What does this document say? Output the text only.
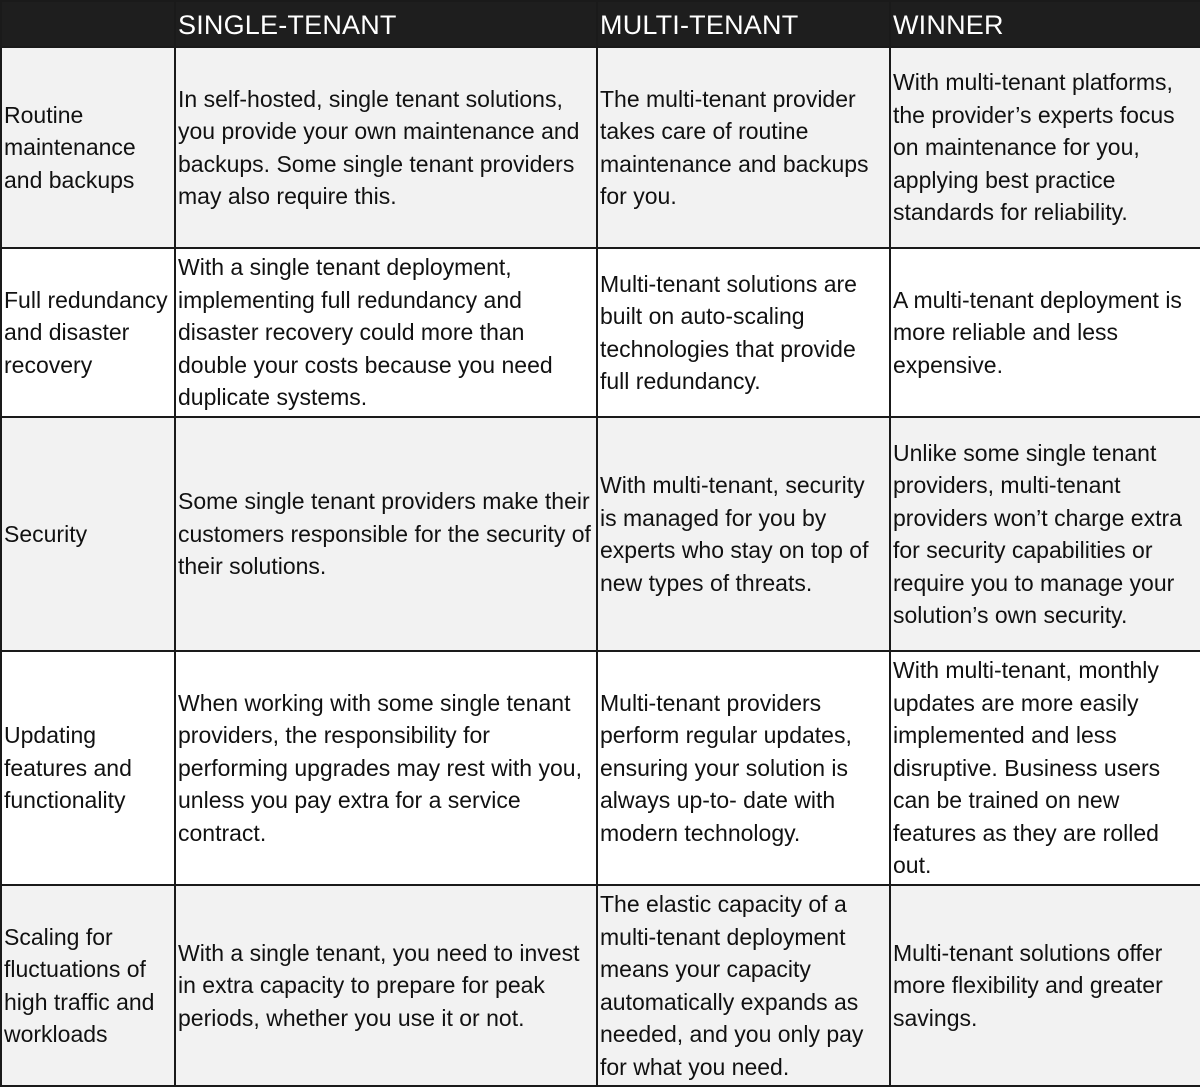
	SINGLE-TENANT	MULTI-TENANT	WINNER
Routine maintenance and backups	In self-hosted, single tenant solutions, you provide your own maintenance and backups. Some single tenant providers may also require this.	The multi-tenant provider takes care of routine maintenance and backups for you.	With multi-tenant platforms, the provider’s experts focus on maintenance for you, applying best practice standards for reliability.
Full redundancy and disaster recovery	With a single tenant deployment, implementing full redundancy and disaster recovery could more than double your costs because you need duplicate systems.	Multi-tenant solutions are built on auto-scaling technologies that provide full redundancy.	A multi-tenant deployment is more reliable and less expensive.
Security	Some single tenant providers make their customers responsible for the security of their solutions.	With multi-tenant, security is managed for you by experts who stay on top of new types of threats.	Unlike some single tenant providers, multi-tenant providers won’t charge extra for security capabilities or require you to manage your solution’s own security.
Updating features and functionality	When working with some single tenant providers, the responsibility for performing upgrades may rest with you, unless you pay extra for a service contract.	Multi-tenant providers perform regular updates, ensuring your solution is always up-to- date with modern technology.	With multi-tenant, monthly updates are more easily implemented and less disruptive. Business users can be trained on new features as they are rolled out.
Scaling for fluctuations of high traffic and workloads	With a single tenant, you need to invest in extra capacity to prepare for peak periods, whether you use it or not.	The elastic capacity of a multi-tenant deployment means your capacity automatically expands as needed, and you only pay for what you need.	Multi-tenant solutions offer more flexibility and greater savings.
